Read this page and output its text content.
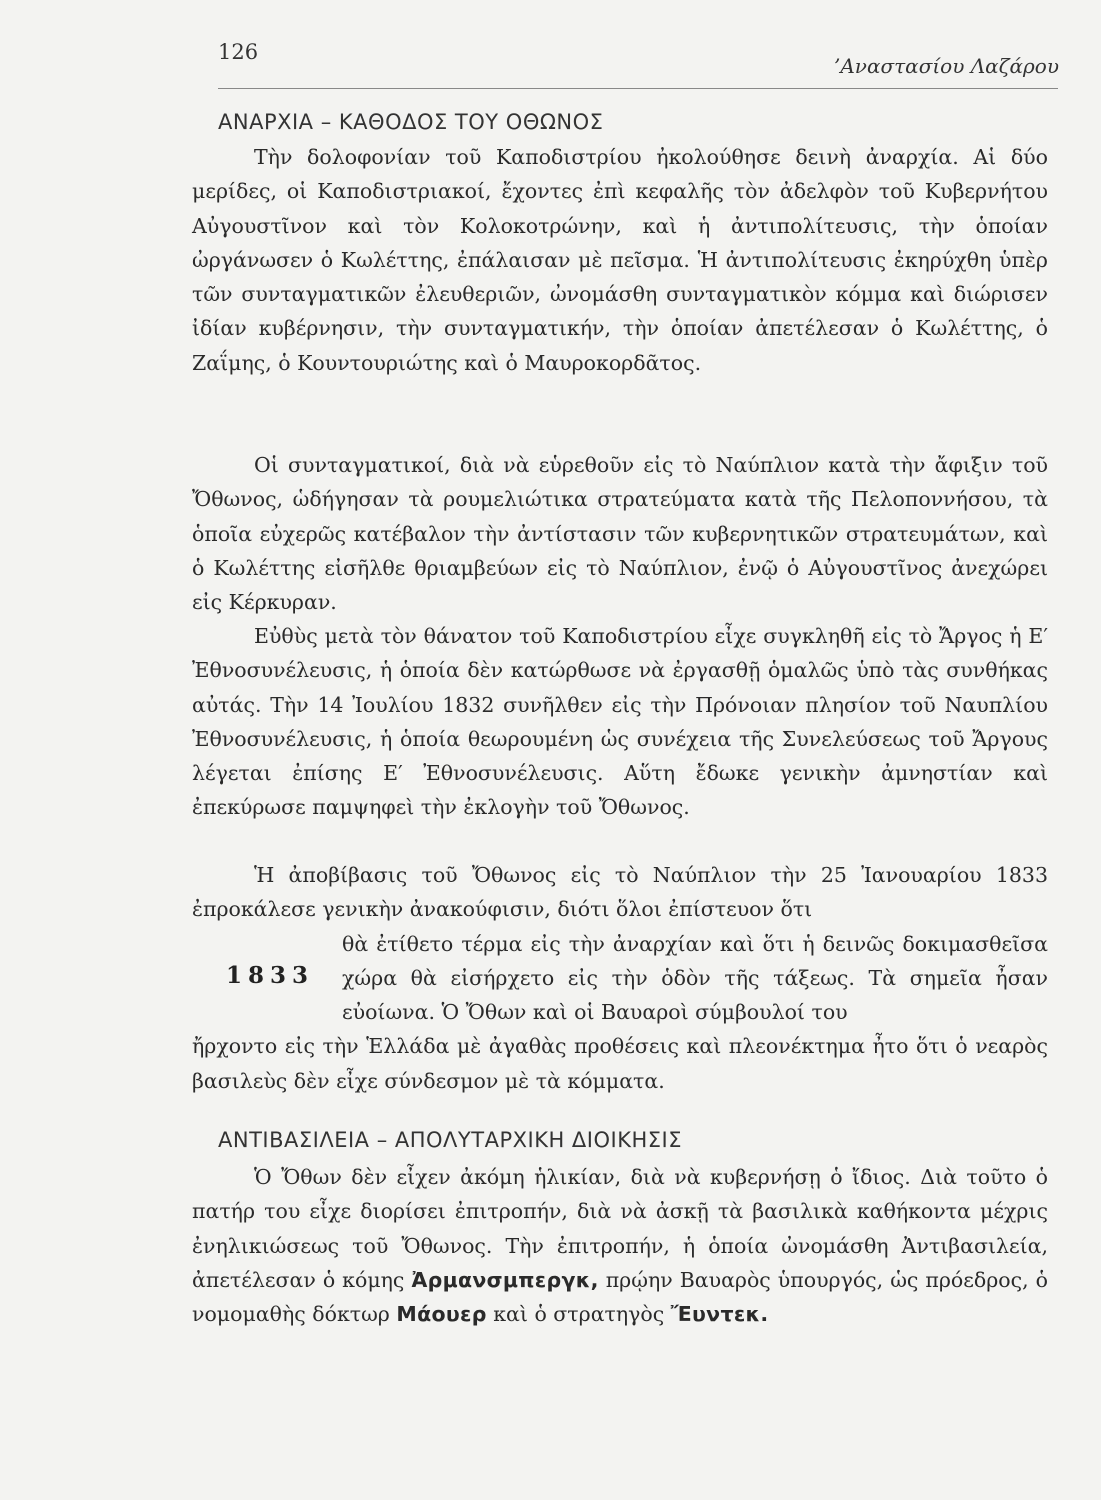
126
’Αναστασίου Λαζάρου
ΑΝΑΡΧΙΑ – ΚΑΘΟΔΟΣ ΤΟΥ ΟΘΩΝΟΣ

Τὴν δολοφονίαν τοῦ Καποδιστρίου ἠκολούθησε δεινὴ ἀναρχία. Αἱ δύο μερίδες, οἱ Καποδιστριακοί, ἔχοντες ἐπὶ κεφαλῆς τὸν ἀδελφὸν τοῦ Κυβερνήτου Αὐγουστῖνον καὶ τὸν Κολοκοτρώνην, καὶ ἡ ἀντιπολίτευσις, τὴν ὁποίαν ὠργάνωσεν ὁ Κωλέττης, ἐπάλαισαν μὲ πεῖσμα. Ἡ ἀντιπολίτευσις ἐκηρύχθη ὑπὲρ τῶν συνταγματικῶν ἐλευθεριῶν, ὠνομάσθη συνταγματικὸν κόμμα καὶ διώρισεν ἰδίαν κυβέρνησιν, τὴν συνταγματικήν, τὴν ὁποίαν ἀπετέλεσαν ὁ Κωλέττης, ὁ Ζαΐμης, ὁ Κουντουριώτης καὶ ὁ Μαυροκορδᾶτος.

Οἱ συνταγματικοί, διὰ νὰ εὑρεθοῦν εἰς τὸ Ναύπλιον κατὰ τὴν ἄφιξιν τοῦ Ὄθωνος, ὡδήγησαν τὰ ρουμελιώτικα στρατεύματα κατὰ τῆς Πελοποννήσου, τὰ ὁποῖα εὐχερῶς κατέβαλον τὴν ἀντίστασιν τῶν κυβερνητικῶν στρατευμάτων, καὶ ὁ Κωλέττης εἰσῆλθε θριαμβεύων εἰς τὸ Ναύπλιον, ἐνῷ ὁ Αὐγουστῖνος ἀνεχώρει εἰς Κέρκυραν.

Εὐθὺς μετὰ τὸν θάνατον τοῦ Καποδιστρίου εἶχε συγκληθῆ εἰς τὸ Ἄργος ἡ Ε′ Ἐθνοσυνέλευσις, ἡ ὁποία δὲν κατώρθωσε νὰ ἐργασθῇ ὁμαλῶς ὑπὸ τὰς συνθήκας αὐτάς. Τὴν 14 Ἰουλίου 1832 συνῆλθεν εἰς τὴν Πρόνοιαν πλησίον τοῦ Ναυπλίου Ἐθνοσυνέλευσις, ἡ ὁποία θεωρουμένη ὡς συνέχεια τῆς Συνελεύσεως τοῦ Ἄργους λέγεται ἐπίσης Ε′ Ἐθνοσυνέλευσις. Αὕτη ἔδωκε γενικὴν ἀμνηστίαν καὶ ἐπεκύρωσε παμψηφεὶ τὴν ἐκλογὴν τοῦ Ὄθωνος.

Ἡ ἀποβίβασις τοῦ Ὄθωνος εἰς τὸ Ναύπλιον τὴν 25 Ἰανουαρίου 1833 ἐπροκάλεσε γενικὴν ἀνακούφισιν, διότι ὅλοι ἐπίστευον ὅτι
θὰ ἐτίθετο τέρμα εἰς τὴν ἀναρχίαν καὶ ὅτι ἡ δεινῶς δοκιμασθεῖσα χώρα θὰ εἰσήρχετο εἰς τὴν ὁδὸν τῆς τάξεως. Τὰ σημεῖα ἦσαν εὐοίωνα. Ὁ Ὄθων καὶ οἱ Βαυαροὶ σύμβουλοί του
ἤρχοντο εἰς τὴν Ἑλλάδα μὲ ἀγαθὰς προθέσεις καὶ πλεονέκτημα ἦτο ὅτι ὁ νεαρὸς βασιλεὺς δὲν εἶχε σύνδεσμον μὲ τὰ κόμματα.
1833
ΑΝΤΙΒΑΣΙΛΕΙΑ – ΑΠΟΛΥΤΑΡΧΙΚΗ ΔΙΟΙΚΗΣΙΣ

Ὁ Ὄθων δὲν εἶχεν ἀκόμη ἡλικίαν, διὰ νὰ κυβερνήσῃ ὁ ἴδιος. Διὰ τοῦτο ὁ πατήρ του εἶχε διορίσει ἐπιτροπήν, διὰ νὰ ἀσκῇ τὰ βασιλικὰ καθήκοντα μέχρις ἐνηλικιώσεως τοῦ Ὄθωνος. Τὴν ἐπιτροπήν, ἡ ὁποία ὠνομάσθη Ἀντιβασιλεία, ἀπετέλεσαν ὁ κόμης Ἀρμανσμπεργκ, πρῴην Βαυαρὸς ὑπουργός, ὡς πρόεδρος, ὁ νομομαθὴς δόκτωρ Μάουερ καὶ ὁ στρατηγὸς Ἔυντεκ.
